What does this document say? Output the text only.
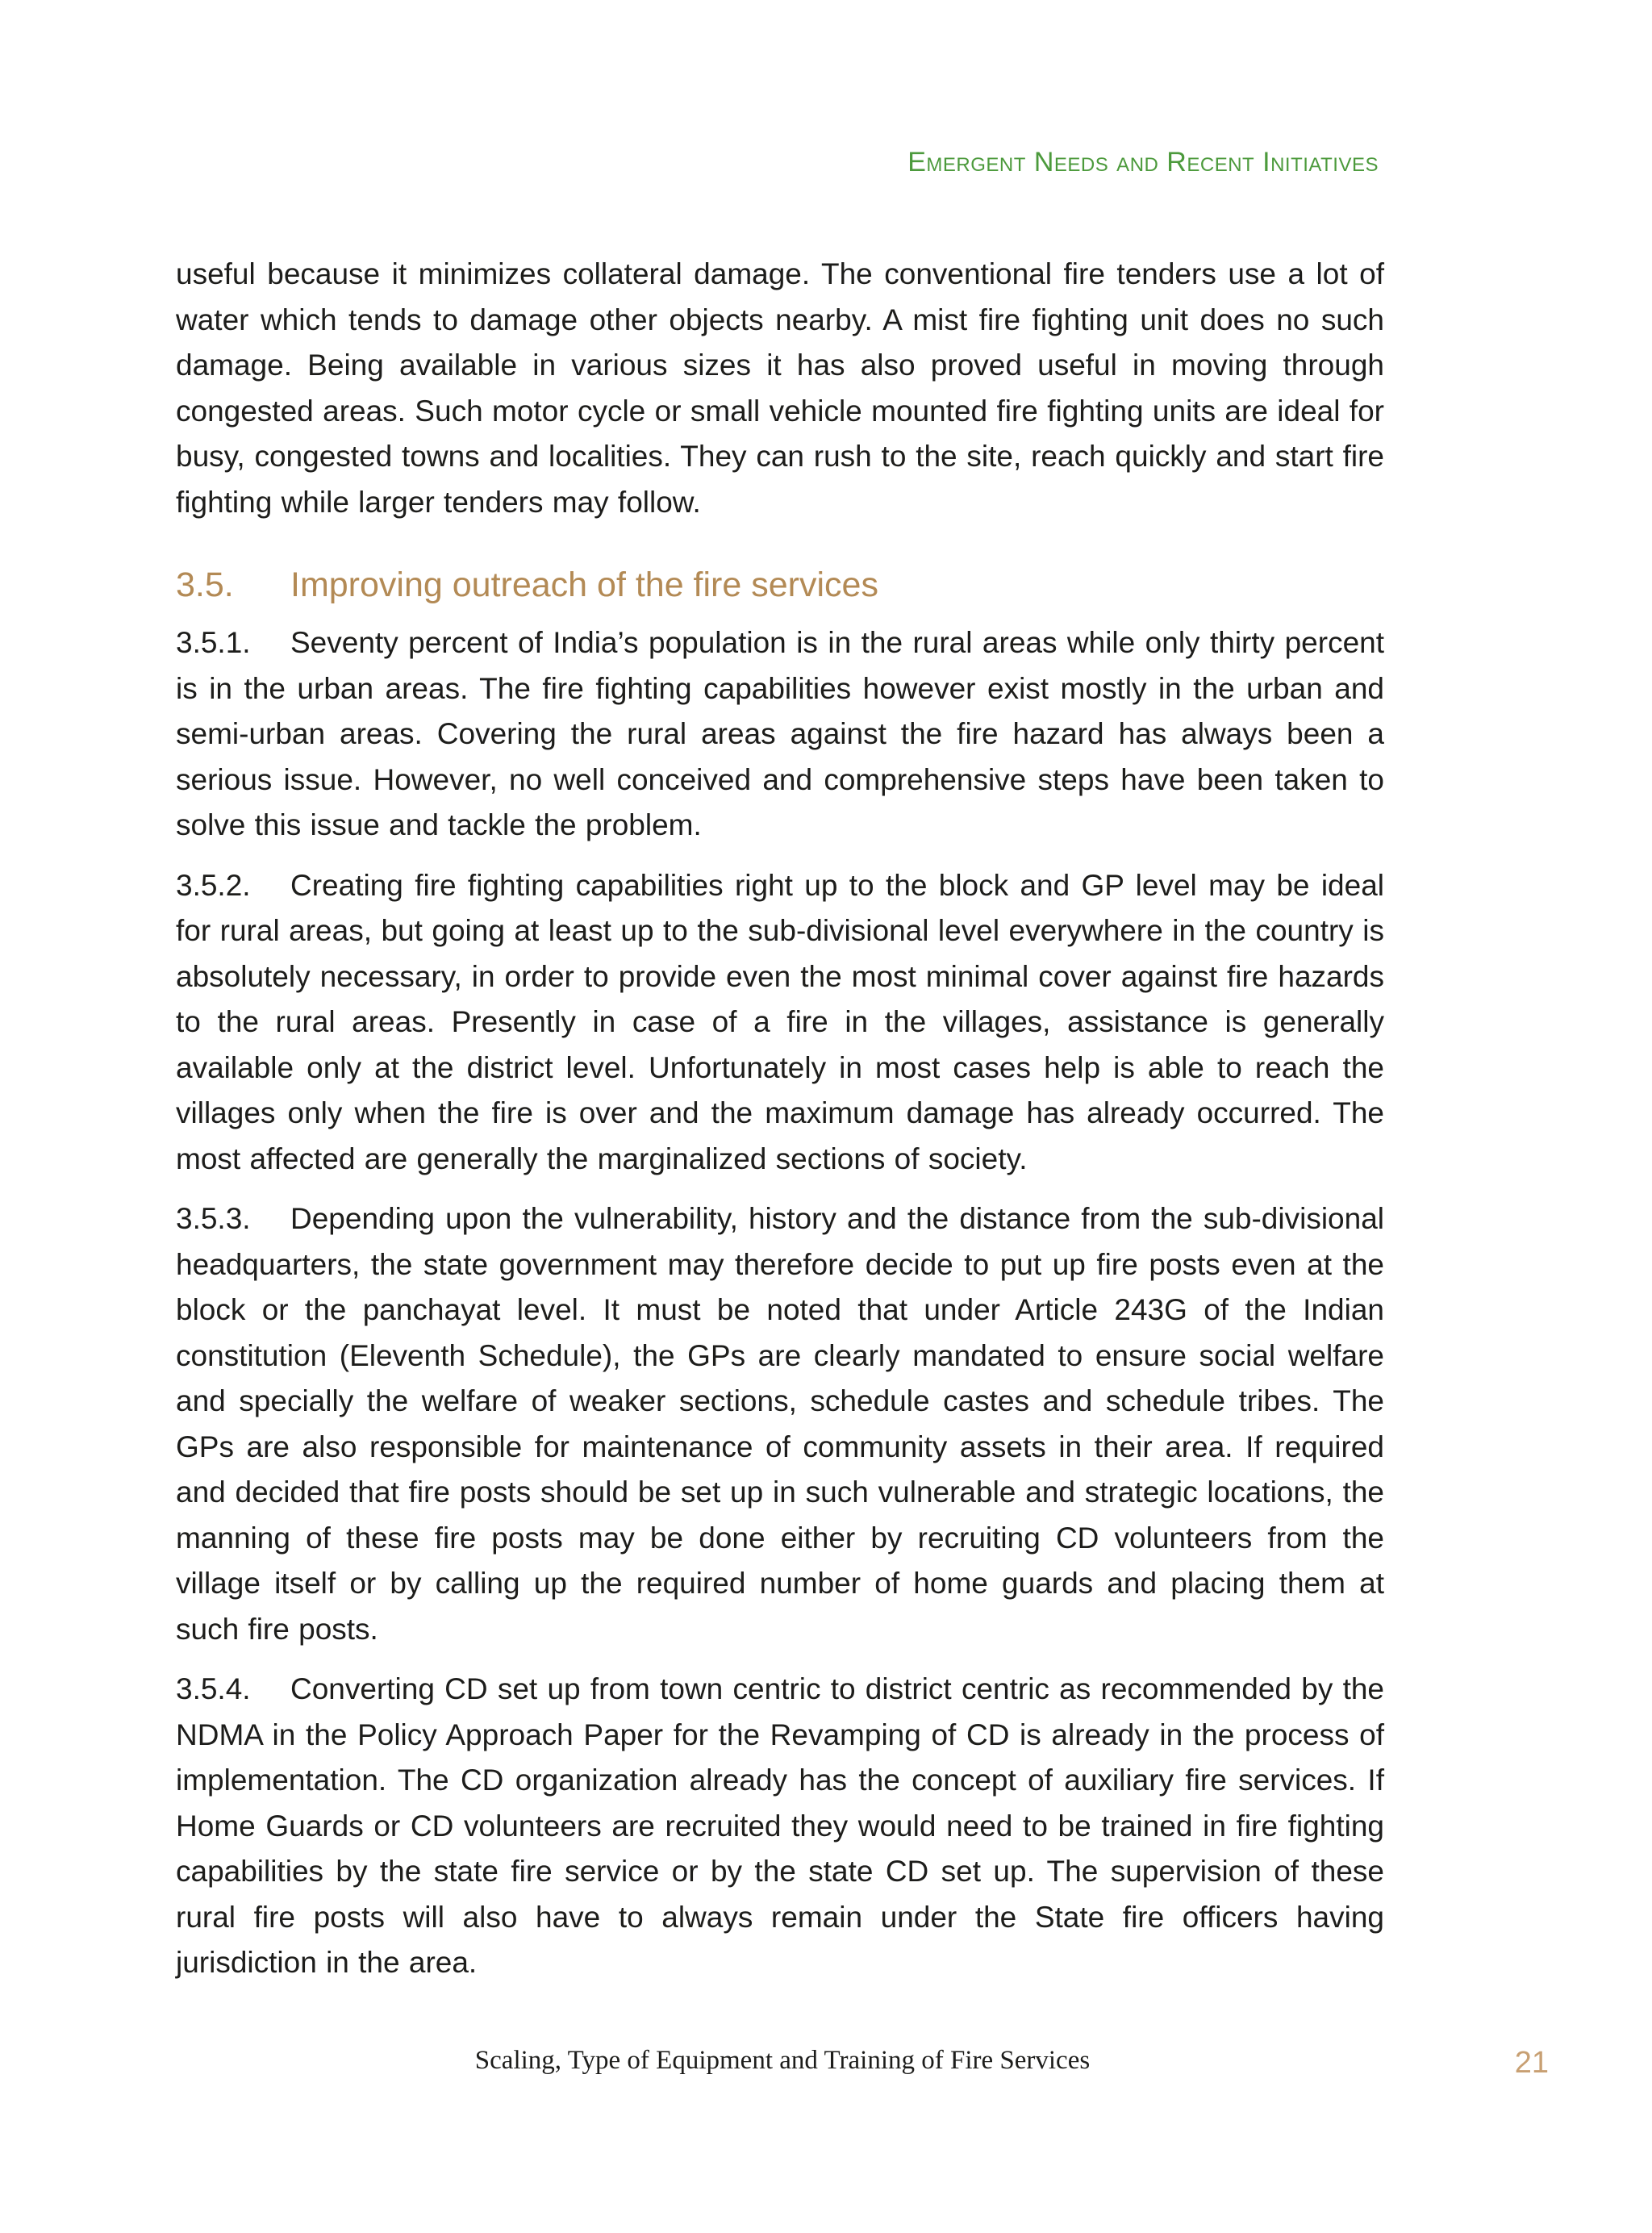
Emergent Needs and Recent Initiatives

useful because it minimizes collateral damage. The conventional fire tenders use a lot of water which tends to damage other objects nearby. A mist fire fighting unit does no such damage. Being available in various sizes it has also proved useful in moving through congested areas. Such motor cycle or small vehicle mounted fire fighting units are ideal for busy, congested towns and localities. They can rush to the site, reach quickly and start fire fighting while larger tenders may follow.

3.5. Improving outreach of the fire services

3.5.1. Seventy percent of India’s population is in the rural areas while only thirty percent is in the urban areas. The fire fighting capabilities however exist mostly in the urban and semi-urban areas. Covering the rural areas against the fire hazard has always been a serious issue. However, no well conceived and comprehensive steps have been taken to solve this issue and tackle the problem.

3.5.2. Creating fire fighting capabilities right up to the block and GP level may be ideal for rural areas, but going at least up to the sub-divisional level everywhere in the country is absolutely necessary, in order to provide even the most minimal cover against fire hazards to the rural areas. Presently in case of a fire in the villages, assistance is generally available only at the district level. Unfortunately in most cases help is able to reach the villages only when the fire is over and the maximum damage has already occurred. The most affected are generally the marginalized sections of society.

3.5.3. Depending upon the vulnerability, history and the distance from the sub-divisional headquarters, the state government may therefore decide to put up fire posts even at the block or the panchayat level. It must be noted that under Article 243G of the Indian constitution (Eleventh Schedule), the GPs are clearly mandated to ensure social welfare and specially the welfare of weaker sections, schedule castes and schedule tribes. The GPs are also responsible for maintenance of community assets in their area. If required and decided that fire posts should be set up in such vulnerable and strategic locations, the manning of these fire posts may be done either by recruiting CD volunteers from the village itself or by calling up the required number of home guards and placing them at such fire posts.

3.5.4. Converting CD set up from town centric to district centric as recommended by the NDMA in the Policy Approach Paper for the Revamping of CD is already in the process of implementation. The CD organization already has the concept of auxiliary fire services. If Home Guards or CD volunteers are recruited they would need to be trained in fire fighting capabilities by the state fire service or by the state CD set up. The supervision of these rural fire posts will also have to always remain under the State fire officers having jurisdiction in the area.

Scaling, Type of Equipment and Training of Fire Services	21
